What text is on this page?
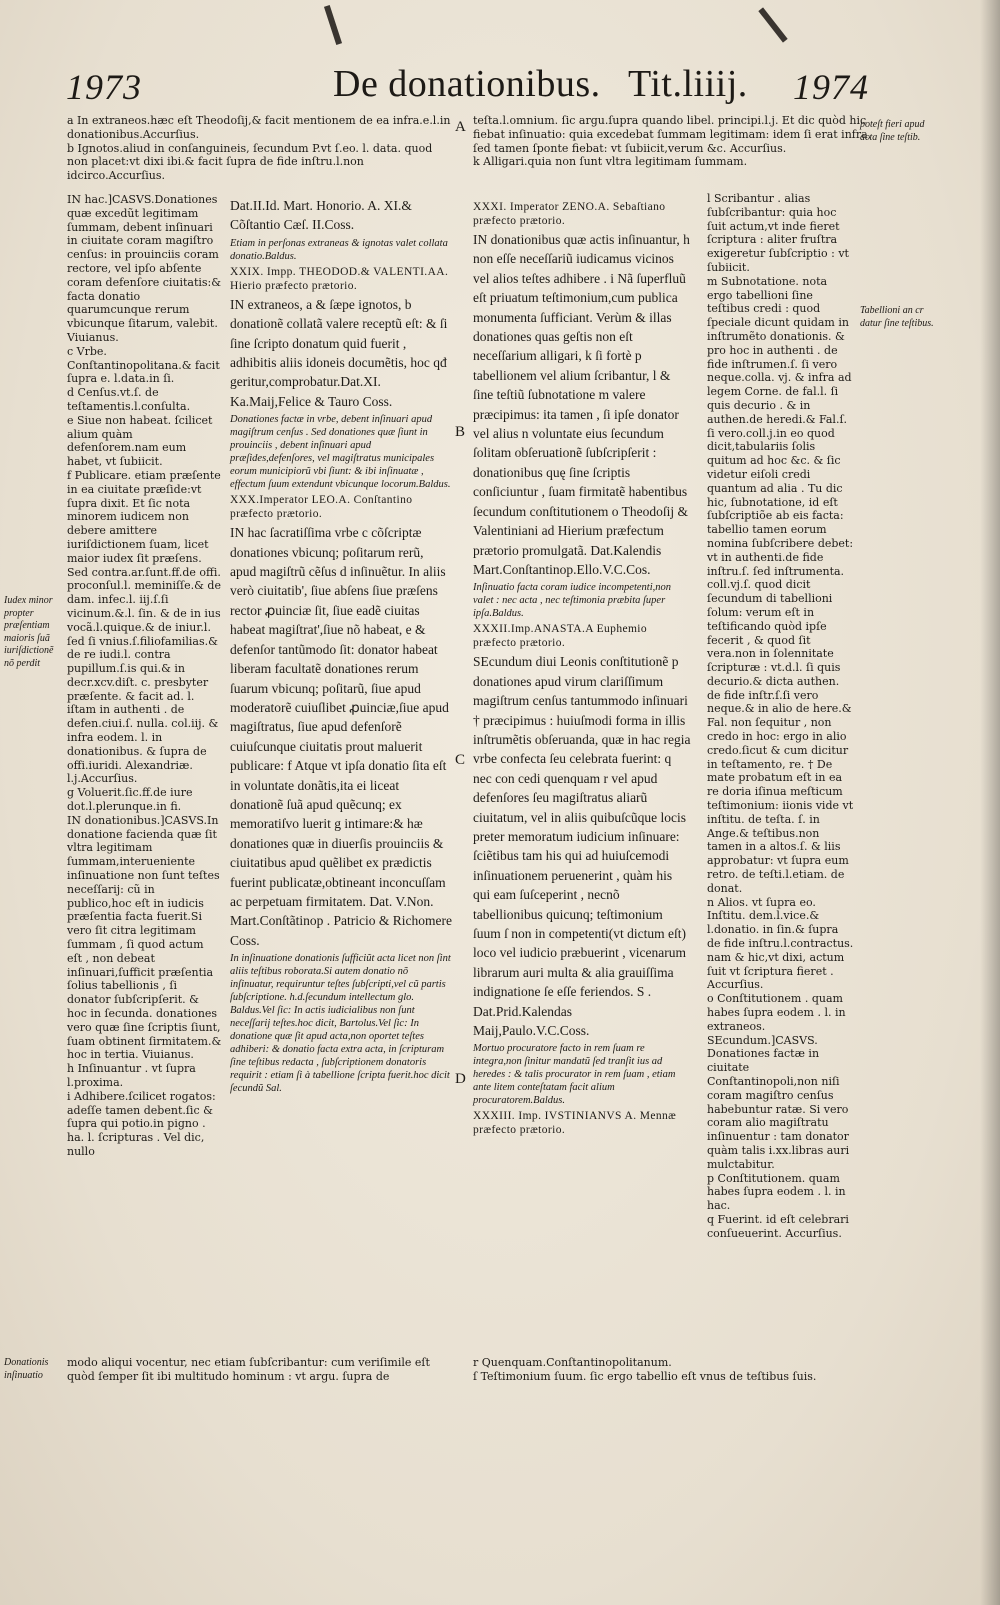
1973	De donationibus. Tit.liiij. 1974
A
B
C
D

a In extraneos.hæc eſt Theodoſij,& facit mentionem de ea infra.e.l.in donationibus.Accurſius.
b Ignotos.aliud in conſanguineis, ſecundum P.vt ſ.eo. l. data. quod non placet:vt dixi ibi.& facit ſupra de fide inſtru.l.non idcirco.Accurſius.

teſta.l.omnium. ſic argu.ſupra quando libel. principi.l.j. Et dic quòd hic fiebat inſinuatio: quia excedebat ſummam legitimam: idem ſi erat infra, ſed tamen ſponte fiebat: vt ſubiicit,verum &c. Accurſius.
k Alligari.quia non ſunt vltra legitimam ſummam.

IN hac.]CASVS.Donationes quæ excedũt legitimam ſummam, debent inſinuari in ciuitate coram magiſtro cenſus: in prouinciis coram rectore, vel ipſo abſente coram defenſore ciuitatis:& facta donatio quarumcunque rerum vbicunque ſitarum, valebit. Viuianus.
c Vrbe. Conſtantinopolitana.& facit ſupra e. l.data.in ſi.
d Cenſus.vt.ſ. de teſtamentis.l.conſulta.
e Siue non habeat. ſcilicet alium quàm defenſorem.nam eum habet, vt ſubiicit.
f Publicare. etiam præſente in ea ciuitate præſide:vt ſupra dixit. Et ſic nota minorem iudicem non debere amittere iuriſdictionem ſuam, licet maior iudex ſit præſens. Sed contra.ar.ſunt.ff.de offi. proconſul.l. meminiſſe.& de dam. infec.l. iij.ſ.ſi vicinum.&.l. ſin. & de in ius vocã.l.quique.& de iniur.l. ſed ſi vnius.ſ.filiofamilias.& de re iudi.l. contra pupillum.ſ.is qui.& in decr.xcv.diſt. c. presbyter præſente. & facit ad. l. iſtam in authenti . de defen.ciui.ſ. nulla. col.iij. & infra eodem. l. in donationibus. & ſupra de offi.iuridi. Alexandriæ. l.j.Accurſius.
g Voluerit.ſic.ff.de iure dot.l.plerunque.in fi.
IN donationibus.]CASVS.In donatione facienda quæ ſit vltra legitimam ſummam,interueniente inſinuatione non ſunt teſtes neceſſarij: cũ in publico,hoc eſt in iudicis præſentia facta fuerit.Si vero ſit citra legitimam ſummam , ſi quod actum eſt , non debeat inſinuari,ſufficit præſentia ſolius tabellionis , ſi donator ſubſcripſerit. & hoc in ſecunda. donationes vero quæ ſine ſcriptis ſiunt, ſuam obtinent ſirmitatem.& hoc in tertia. Viuianus.
h Inſinuantur . vt ſupra l.proxima.
i Adhibere.ſcilicet rogatos: adeſſe tamen debent.ſic & ſupra qui potio.in pigno . ha. l. ſcripturas . Vel dic, nullo

Iudex minor propter præſentiam maioris ſuã iuriſdictionẽ nõ perdit

Donationis inſinuatio

Dat.II.Id. Mart. Honorio. A. XI.& Cõſtantio Cæſ. II.Coss.

Etiam in perſonas extraneas & ignotas valet collata donatio.Baldus.

XXIX. Impp. THEODOD.& VALENTI.AA. Hierio præfecto prætorio.

IN extraneos, a & ſæpe ignotos, b donationẽ collatã valere receptũ eſt: & ſi ſine ſcripto donatum quid fuerit , adhibitis aliis idoneis documẽtis, hoc qđ geritur,comprobatur.Dat.XI. Ka.Maij,Felice & Tauro Coss.

Donationes factæ in vrbe, debent inſinuari apud magiſtrum cenſus . Sed donationes quæ ſiunt in prouinciis , debent inſinuari apud præſides,defenſores, vel magiſtratus municipales eorum municipiorũ vbi ſiunt: & ibi inſinuatæ , effectum ſuum extendunt vbicunque locorum.Baldus.

XXX.Imperator LEO.A. Conſtantino præfecto prætorio.

IN hac ſacratiſſima vrbe c cõſcriptæ donationes vbicunq; poſitarum rerũ, apud magiſtrũ cẽſus d inſinuẽtur. In aliis verò ciuitatib', ſiue abſens ſiue præſens rector ꝓuinciæ ſit, ſiue eadẽ ciuitas habeat magiſtrat',ſiue nõ habeat, e & defenſor tantũmodo ſit: donator habeat liberam facultatẽ donationes rerum ſuarum vbicunq; poſitarũ, ſiue apud moderatorẽ cuiuſlibet ꝓuinciæ,ſiue apud magiſtratus, ſiue apud defenſorẽ cuiuſcunque ciuitatis prout maluerit publicare: f Atque vt ipſa donatio ſita eſt in voluntate donãtis,ita ei liceat donationẽ ſuã apud quẽcunq; ex memoratiſvo luerit g intimare:& hæ donationes quæ in diuerſis prouinciis & ciuitatibus apud quẽlibet ex prædictis fuerint publicatæ,obtineant inconcuſſam ac perpetuam firmitatem. Dat. V.Non. Mart.Conſtãtinop . Patricio & Richomere Coss.

In inſinuatione donationis ſufficiũt acta licet non ſint aliis teſtibus roborata.Si autem donatio nõ inſinuatur, requiruntur teſtes ſubſcripti,vel cũ partis ſubſcriptione. h.d.ſecundum intellectum glo. Baldus.Vel ſic: In actis iudicialibus non ſunt neceſſarij teſtes.hoc dicit, Bartolus.Vel ſic: In donatione quæ ſit apud acta,non oportet teſtes adhiberi: & donatio facta extra acta, in ſcripturam ſine teſtibus redacta , ſubſcriptionem donatoris requirit : etiam ſi à tabellione ſcripta fuerit.hoc dicit ſecundũ Sal.

XXXI. Imperator ZENO.A. Sebaſtiano præfecto prætorio.

IN donationibus quæ actis inſinuantur, h non eſſe neceſſariũ iudicamus vicinos vel alios teſtes adhibere . i Nã ſuperfluũ eſt priuatum teſtimonium,cum publica monumenta ſufficiant. Verùm & illas donationes quas geſtis non eſt neceſſarium alligari, k ſi fortè p tabellionem vel alium ſcribantur, l & ſine teſtiũ ſubnotatione m valere præcipimus: ita tamen , ſi ipſe donator vel alius n voluntate eius ſecundum ſolitam obſeruationẽ ſubſcripſerit : donationibus quę ſine ſcriptis conſiciuntur , ſuam firmitatẽ habentibus ſecundum conſtitutionem o Theodoſij & Valentiniani ad Hierium præfectum prætorio promulgatã. Dat.Kalendis Mart.Conſtantinop.Ello.V.C.Cos.

Inſinuatio facta coram iudice incompetenti,non valet : nec acta , nec teſtimonia præbita ſuper ipſa.Baldus.

XXXII.Imp.ANASTA.A Euphemio præfecto prætorio.

SEcundum diui Leonis conſtitutionẽ p donationes apud virum clariſſimum magiſtrum cenſus tantummodo inſinuari † præcipimus : huiuſmodi forma in illis inſtrumẽtis obſeruanda, quæ in hac regia vrbe confecta ſeu celebrata fuerint: q nec con cedi quenquam r vel apud defenſores ſeu magiſtratus aliarũ ciuitatum, vel in aliis quibuſcũque locis preter memoratum iudicium inſinuare: ſciẽtibus tam his qui ad huiuſcemodi inſinuationem peruenerint , quàm his qui eam ſuſceperint , necnõ tabellionibus quicunq; teſtimonium ſuum ſ non in competenti(vt dictum eſt) loco vel iudicio præbuerint , vicenarum librarum auri multa & alia grauiſſima indignatione ſe eſſe feriendos. S . Dat.Prid.Kalendas Maij,Paulo.V.C.Coss.

Mortuo procuratore facto in rem ſuam re integra,non ſinitur mandatũ ſed tranſit ius ad heredes : & talis procurator in rem ſuam , etiam ante litem conteſtatam facit alium procuratorem.Baldus.

XXXIII. Imp. IVSTINIANVS A. Mennæ præfecto prætorio.

l Scribantur . alias ſubſcribantur: quia hoc ſuit actum,vt inde fieret ſcriptura : aliter fruſtra exigeretur ſubſcriptio : vt ſubiicit.
m Subnotatione. nota ergo tabellioni ſine teſtibus credi : quod ſpeciale dicunt quidam in inſtrumẽto donationis. & pro hoc in authenti . de fide inſtrumen.ſ. ſi vero neque.colla. vj. & infra ad legem Corne. de fal.l. ſi quis decurio . & in authen.de heredi.& Fal.ſ. ſi vero.coll.j.in eo quod dicit,tabulariis ſolis quitum ad hoc &c. & ſic videtur eiſoli credi quantum ad alia . Tu dic hic, ſubnotatione, id eſt ſubſcriptiõe ab eis facta: tabellio tamen eorum nomina ſubſcribere debet: vt in authenti.de fide inſtru.ſ. ſed inſtrumenta. coll.vj.ſ. quod dicit ſecundum di tabellioni ſolum: verum eſt in teſtificando quòd ipſe fecerit , & quod ſit vera.non in ſolennitate ſcripturæ : vt.d.l. ſi quis decurio.& dicta authen. de fide inſtr.ſ.ſi vero neque.& in alio de here.& Fal. non ſequitur , non credo in hoc: ergo in alio credo.ſicut & cum dicitur in teſtamento, re. † De mate probatum eſt in ea re doria iſinua meſticum teſtimonium: iionis vide vt inſtitu. de teſta. ſ. in Ange.& teſtibus.non tamen in a altos.ſ. & liis approbatur: vt ſupra eum retro. de teſti.l.etiam. de donat.
n Alios. vt ſupra eo. Inſtitu. dem.l.vice.& l.donatio. in ſin.& ſupra de fide inſtru.l.contractus. nam & hic,vt dixi, actum ſuit vt ſcriptura fieret . Accurſius.
o Conſtitutionem . quam habes ſupra eodem . l. in extraneos.
SEcundum.]CASVS. Donationes factæ in ciuitate Conſtantinopoli,non niſi coram magiſtro cenſus habebuntur ratæ. Si vero coram alio magiſtratu inſinuentur : tam donator quàm talis i.xx.libras auri mulctabitur.
p Conſtitutionem. quam habes ſupra eodem . l. in hac.
q Fuerint. id eſt celebrari conſueuerint. Accurſius.

poteſt fieri apud acta ſine teſtib.

Tabellioni an cr datur ſine teſtibus.

modo aliqui vocentur, nec etiam ſubſcribantur: cum veriſimile eſt quòd ſemper ſit ibi multitudo hominum : vt argu. ſupra de

r Quenquam.Conſtantinopolitanum.
ſ Teſtimonium ſuum. ſic ergo tabellio eſt vnus de teſtibus ſuis.
